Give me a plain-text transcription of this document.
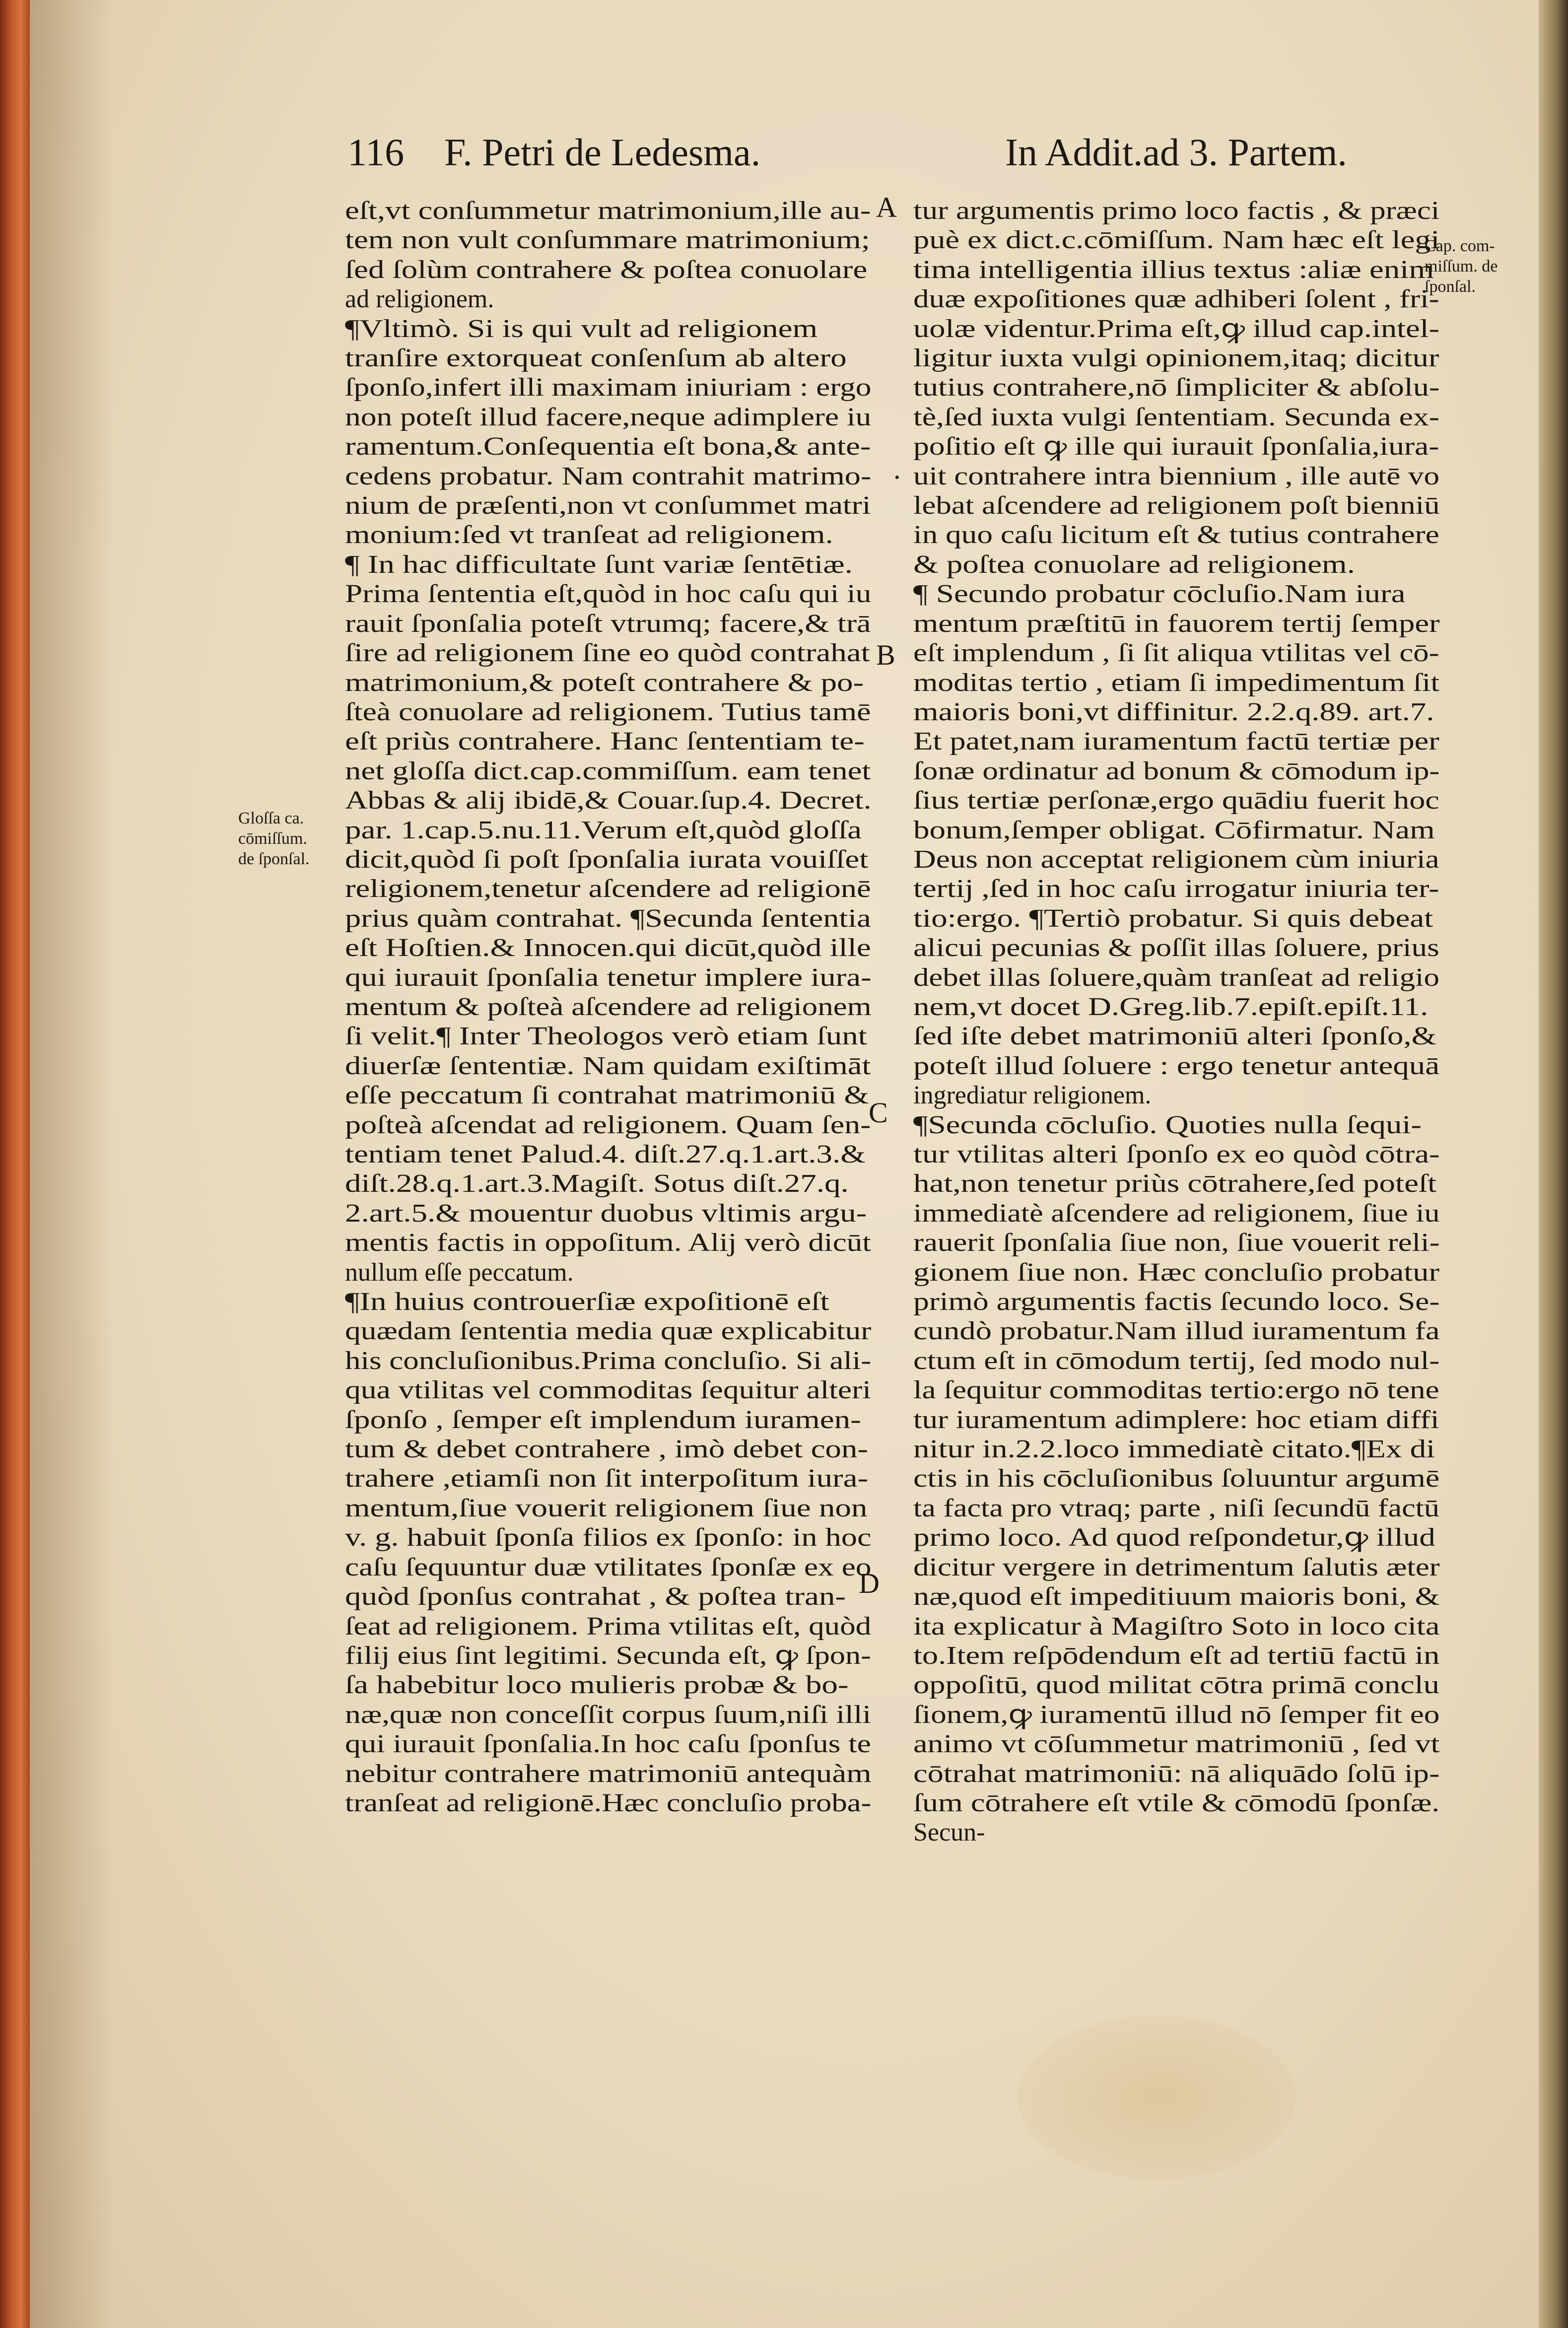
116 F. Petri de Ledesma.	In Addit.ad 3. Partem.
eſt,vt conſummetur matrimonium,ille au-
tem non vult conſummare matrimonium;
ſed ſolùm contrahere & poſtea conuolare
ad religionem.
¶Vltimò. Si is qui vult ad religionem
tranſire extorqueat conſenſum ab altero
ſponſo,infert illi maximam iniuriam : ergo
non poteſt illud facere,neque adimplere iu
ramentum.Conſequentia eſt bona,& ante-
cedens probatur. Nam contrahit matrimo-
nium de præſenti,non vt conſummet matri
monium:ſed vt tranſeat ad religionem.
¶ In hac difficultate ſunt variæ ſentētiæ.
Prima ſententia eſt,quòd in hoc caſu qui iu
rauit ſponſalia poteſt vtrumq; facere,& trā
ſire ad religionem ſine eo quòd contrahat
matrimonium,& poteſt contrahere & po-
ſteà conuolare ad religionem. Tutius tamē
eſt priùs contrahere. Hanc ſententiam te-
net gloſſa dict.cap.commiſſum. eam tenet
Abbas & alij ibidē,& Couar.ſup.4. Decret.
par. 1.cap.5.nu.11.Verum eſt,quòd gloſſa
dicit,quòd ſi poſt ſponſalia iurata vouiſſet
religionem,tenetur aſcendere ad religionē
prius quàm contrahat. ¶Secunda ſententia
eſt Hoſtien.& Innocen.qui dicūt,quòd ille
qui iurauit ſponſalia tenetur implere iura-
mentum & poſteà aſcendere ad religionem
ſi velit.¶ Inter Theologos verò etiam ſunt
diuerſæ ſententiæ. Nam quidam exiſtimāt
eſſe peccatum ſi contrahat matrimoniū &
poſteà aſcendat ad religionem. Quam ſen-
tentiam tenet Palud.4. diſt.27.q.1.art.3.&
diſt.28.q.1.art.3.Magiſt. Sotus diſt.27.q.
2.art.5.& mouentur duobus vltimis argu-
mentis factis in oppoſitum. Alij verò dicūt
nullum eſſe peccatum.
¶In huius controuerſiæ expoſitionē eſt
quædam ſententia media quæ explicabitur
his concluſionibus.Prima concluſio. Si ali-
qua vtilitas vel commoditas ſequitur alteri
ſponſo , ſemper eſt implendum iuramen-
tum & debet contrahere , imò debet con-
trahere ,etiamſi non ſit interpoſitum iura-
mentum,ſiue vouerit religionem ſiue non
v. g. habuit ſponſa filios ex ſponſo: in hoc
caſu ſequuntur duæ vtilitates ſponſæ ex eo
quòd ſponſus contrahat , & poſtea tran-
ſeat ad religionem. Prima vtilitas eſt, quòd
filij eius ſint legitimi. Secunda eſt, ꝙ ſpon-
ſa habebitur loco mulieris probæ & bo-
næ,quæ non conceſſit corpus ſuum,niſi illi
qui iurauit ſponſalia.In hoc caſu ſponſus te
nebitur contrahere matrimoniū antequàm
tranſeat ad religionē.Hæc concluſio proba-
tur argumentis primo loco factis , & præci
puè ex dict.c.cōmiſſum. Nam hæc eſt legi
tima intelligentia illius textus :aliæ enim
duæ expoſitiones quæ adhiberi ſolent , fri-
uolæ videntur.Prima eſt,ꝙ illud cap.intel-
ligitur iuxta vulgi opinionem,itaq; dicitur
tutius contrahere,nō ſimpliciter & abſolu-
tè,ſed iuxta vulgi ſententiam. Secunda ex-
poſitio eſt ꝙ ille qui iurauit ſponſalia,iura-
uit contrahere intra biennium , ille autē vo
lebat aſcendere ad religionem poſt bienniū
in quo caſu licitum eſt & tutius contrahere
& poſtea conuolare ad religionem.
¶ Secundo probatur cōcluſio.Nam iura
mentum præſtitū in fauorem tertij ſemper
eſt implendum , ſi ſit aliqua vtilitas vel cō-
moditas tertio , etiam ſi impedimentum ſit
maioris boni,vt diffinitur. 2.2.q.89. art.7.
Et patet,nam iuramentum factū tertiæ per
ſonæ ordinatur ad bonum & cōmodum ip-
ſius tertiæ perſonæ,ergo quādiu fuerit hoc
bonum,ſemper obligat. Cōfirmatur. Nam
Deus non acceptat religionem cùm iniuria
tertij ,ſed in hoc caſu irrogatur iniuria ter-
tio:ergo. ¶Tertiò probatur. Si quis debeat
alicui pecunias & poſſit illas ſoluere, prius
debet illas ſoluere,quàm tranſeat ad religio
nem,vt docet D.Greg.lib.7.epiſt.epiſt.11.
ſed iſte debet matrimoniū alteri ſponſo,&
poteſt illud ſoluere : ergo tenetur antequā
ingrediatur religionem.
¶Secunda cōcluſio. Quoties nulla ſequi-
tur vtilitas alteri ſponſo ex eo quòd cōtra-
hat,non tenetur priùs cōtrahere,ſed poteſt
immediatè aſcendere ad religionem, ſiue iu
rauerit ſponſalia ſiue non, ſiue vouerit reli-
gionem ſiue non. Hæc concluſio probatur
primò argumentis factis ſecundo loco. Se-
cundò probatur.Nam illud iuramentum fa
ctum eſt in cōmodum tertij, ſed modo nul-
la ſequitur commoditas tertio:ergo nō tene
tur iuramentum adimplere: hoc etiam diffi
nitur in.2.2.loco immediatè citato.¶Ex di
ctis in his cōcluſionibus ſoluuntur argumē
ta facta pro vtraq; parte , niſi ſecundū factū
primo loco. Ad quod reſpondetur,ꝙ illud
dicitur vergere in detrimentum ſalutis æter
næ,quod eſt impeditiuum maioris boni, &
ita explicatur à Magiſtro Soto in loco cita
to.Item reſpōdendum eſt ad tertiū factū in
oppoſitū, quod militat cōtra primā conclu
ſionem,ꝙ iuramentū illud nō ſemper fit eo
animo vt cōſummetur matrimoniū , ſed vt
cōtrahat matrimoniū: nā aliquādo ſolū ip-
ſum cōtrahere eſt vtile & cōmodū ſponſæ.
Secun-
Gloſſa ca.
cōmiſſum.
de ſponſal.
Cap. com-
miſſum. de
ſponſal.
A
B
C
D
.
